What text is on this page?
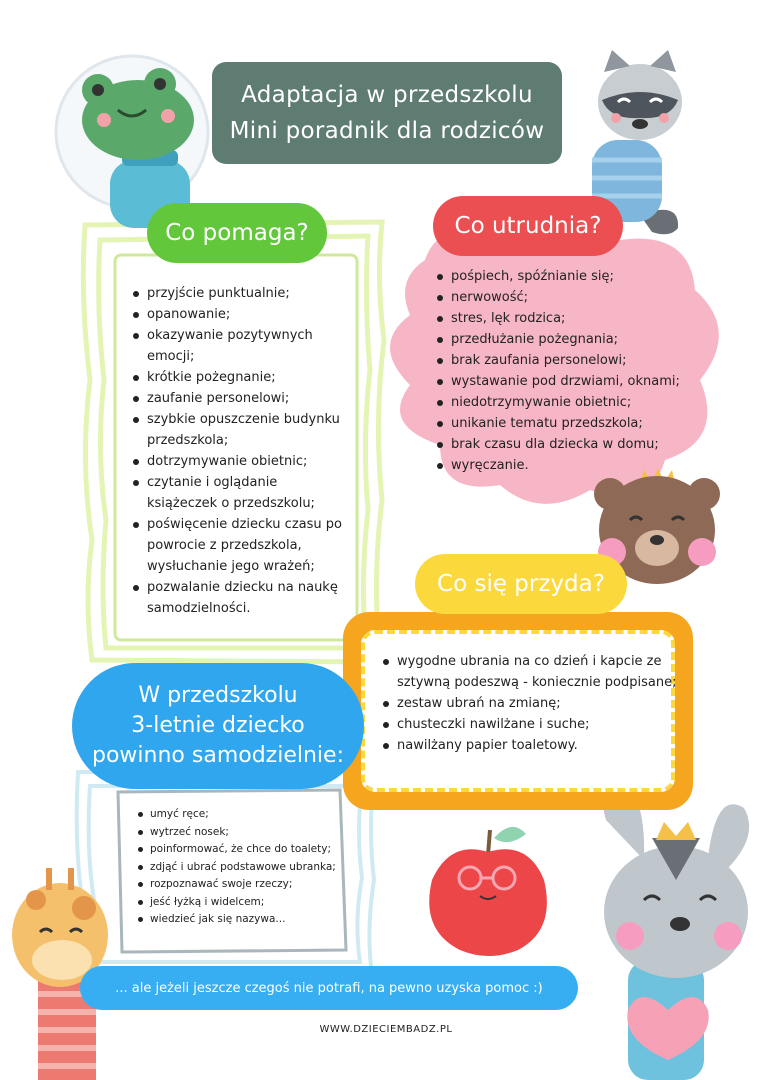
Adaptacja w przedszkolu
Mini poradnik dla rodziców
Co pomaga?
przyjście punktualnie;
opanowanie;
okazywanie pozytywnych emocji;
krótkie pożegnanie;
zaufanie personelowi;
szybkie opuszczenie budynku przedszkola;
dotrzymywanie obietnic;
czytanie i oglądanie książeczek o przedszkolu;
poświęcenie dziecku czasu po powrocie z przedszkola, wysłuchanie jego wrażeń;
pozwalanie dziecku na naukę samodzielności.
Co utrudnia?
pośpiech, spóźnianie się;
nerwowość;
stres, lęk rodzica;
przedłużanie pożegnania;
brak zaufania personelowi;
wystawanie pod drzwiami, oknami;
niedotrzymywanie obietnic;
unikanie tematu przedszkola;
brak czasu dla dziecka w domu;
wyręczanie.
Co się przyda?
wygodne ubrania na co dzień i kapcie ze sztywną podeszwą - koniecznie podpisane;
zestaw ubrań na zmianę;
chusteczki nawilżane i suche;
nawilżany papier toaletowy.
W przedszkolu
3-letnie dziecko
powinno samodzielnie:
umyć ręce;
wytrzeć nosek;
poinformować, że chce do toalety;
zdjąć i ubrać podstawowe ubranka;
rozpoznawać swoje rzeczy;
jeść łyżką i widelcem;
wiedzieć jak się nazywa...
... ale jeżeli jeszcze czegoś nie potrafi, na pewno uzyska pomoc :)
WWW.DZIECIEMBADZ.PL
